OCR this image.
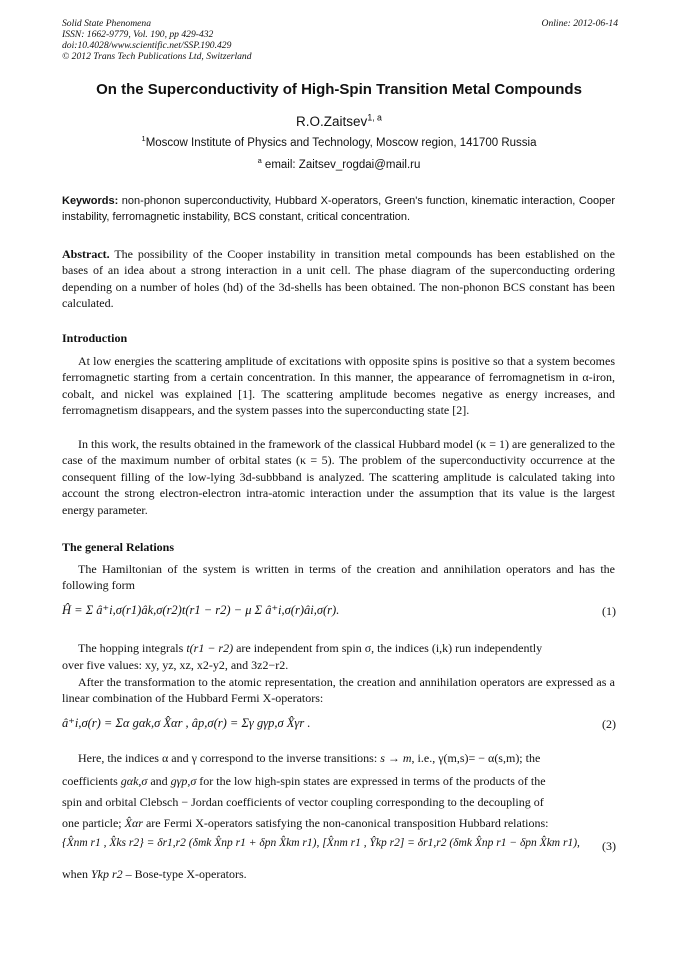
Solid State Phenomena	Online: 2012-06-14
ISSN: 1662-9779, Vol. 190, pp 429-432
doi:10.4028/www.scientific.net/SSP.190.429
© 2012 Trans Tech Publications Ltd, Switzerland
On the Superconductivity of High-Spin Transition Metal Compounds
R.O.Zaitsev$^{1, a}$
$^1$Moscow Institute of Physics and Technology, Moscow region, 141700 Russia
$^a$ email: Zaitsev_rogdai@mail.ru
Keywords: non-phonon superconductivity, Hubbard X-operators, Green's function, kinematic interaction, Cooper instability, ferromagnetic instability, BCS constant, critical concentration.
Abstract. The possibility of the Cooper instability in transition metal compounds has been established on the bases of an idea about a strong interaction in a unit cell. The phase diagram of the superconducting ordering depending on a number of holes (hd) of the 3d-shells has been obtained. The non-phonon BCS constant has been calculated.
Introduction
At low energies the scattering amplitude of excitations with opposite spins is positive so that a system becomes ferromagnetic starting from a certain concentration. In this manner, the appearance of ferromagnetism in α-iron, cobalt, and nickel was explained [1]. The scattering amplitude becomes negative as energy increases, and ferromagnetism disappears, and the system passes into the superconducting state [2].
In this work, the results obtained in the framework of the classical Hubbard model (κ = 1) are generalized to the case of the maximum number of orbital states (κ = 5). The problem of the superconductivity occurrence at the consequent filling of the low-lying 3d-subbband is analyzed. The scattering amplitude is calculated taking into account the strong electron-electron intra-atomic interaction under the assumption that its value is the largest energy parameter.
The general Relations
The Hamiltonian of the system is written in terms of the creation and annihilation operators and has the following form
Ĥ = Σ â⁺i,σ(r1)âk,σ(r2)t(r1 − r2) − μ Σ â⁺i,σ(r)âi,σ(r).	(1)
The hopping integrals t(r1 − r2) are independent from spin σ, the indices (i,k) run independently
over five values: xy, yz, xz, x2-y2, and 3z2−r2.
After the transformation to the atomic representation, the creation and annihilation operators are expressed as a linear combination of the Hubbard Fermi X-operators:
â⁺i,σ(r) = Σα gαk,σ X̂αr , âp,σ(r) = Σγ gγp,σ X̂γr .	(2)
Here, the indices α and γ correspond to the inverse transitions: s → m, i.e., γ(m,s)= − α(s,m); the
coefficients gαk,σ and gγp,σ for the low high-spin states are expressed in terms of the products of the
spin and orbital Clebsch − Jordan coefficients of vector coupling corresponding to the decoupling of
one particle; X̂αr are Fermi X-operators satisfying the non-canonical transposition Hubbard relations:
{X̂nm r1 , X̂ks r2} = δr1,r2 (δmk X̂np r1 + δpn X̂km r1), [X̂nm r1 , Ŷkp r2] = δr1,r2 (δmk X̂np r1 − δpn X̂km r1),	(3)
when Ykp r2 – Bose-type X-operators.
